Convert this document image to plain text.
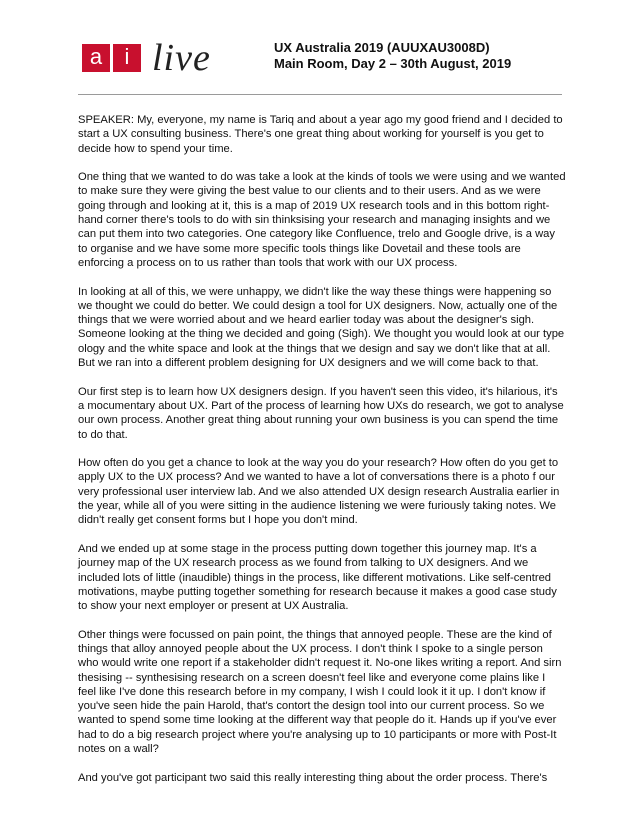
a	i live	UX Australia 2019 (AUUXAU3008D)
Main Room, Day 2 – 30th August, 2019

SPEAKER: My, everyone, my name is Tariq and about a year ago my good friend and I decided to start a UX consulting business. There's one great thing about working for yourself is you get to decide how to spend your time.

One thing that we wanted to do was take a look at the kinds of tools we were using and we wanted to make sure they were giving the best value to our clients and to their users. And as we were going through and looking at it, this is a map of 2019 UX research tools and in this bottom right-hand corner there's tools to do with sin thinksising your research and managing insights and we can put them into two categories. One category like Confluence, trelo and Google drive, is a way to organise and we have some more specific tools things like Dovetail and these tools are enforcing a process on to us rather than tools that work with our UX process.

In looking at all of this, we were unhappy, we didn't like the way these things were happening so we thought we could do better. We could design a tool for UX designers. Now, actually one of the things that we were worried about and we heard earlier today was about the designer's sigh. Someone looking at the thing we decided and going (Sigh). We thought you would look at our type ology and the white space and look at the things that we design and say we don't like that at all. But we ran into a different problem designing for UX designers and we will come back to that.

Our first step is to learn how UX designers design. If you haven't seen this video, it's hilarious, it's a mocumentary about UX. Part of the process of learning how UXs do research, we got to analyse our own process. Another great thing about running your own business is you can spend the time to do that.

How often do you get a chance to look at the way you do your research? How often do you get to apply UX to the UX process? And we wanted to have a lot of conversations there is a photo f our very professional user interview lab. And we also attended UX design research Australia earlier in the year, while all of you were sitting in the audience listening we were furiously taking notes. We didn't really get consent forms but I hope you don't mind.

And we ended up at some stage in the process putting down together this journey map. It's a journey map of the UX research process as we found from talking to UX designers. And we included lots of little (inaudible) things in the process, like different motivations. Like self-centred motivations, maybe putting together something for research because it makes a good case study to show your next employer or present at UX Australia.

Other things were focussed on pain point, the things that annoyed people. These are the kind of things that alloy annoyed people about the UX process. I don't think I spoke to a single person who would write one report if a stakeholder didn't request it. No-one likes writing a report. And sirn thesising -- synthesising research on a screen doesn't feel like and everyone come plains like I feel like I've done this research before in my company, I wish I could look it it up. I don't know if you've seen hide the pain Harold, that's contort the design tool into our current process. So we wanted to spend some time looking at the different way that people do it. Hands up if you've ever had to do a big research project where you're analysing up to 10 participants or more with Post-It notes on a wall?

And you've got participant two said this really interesting thing about the order process. There's
